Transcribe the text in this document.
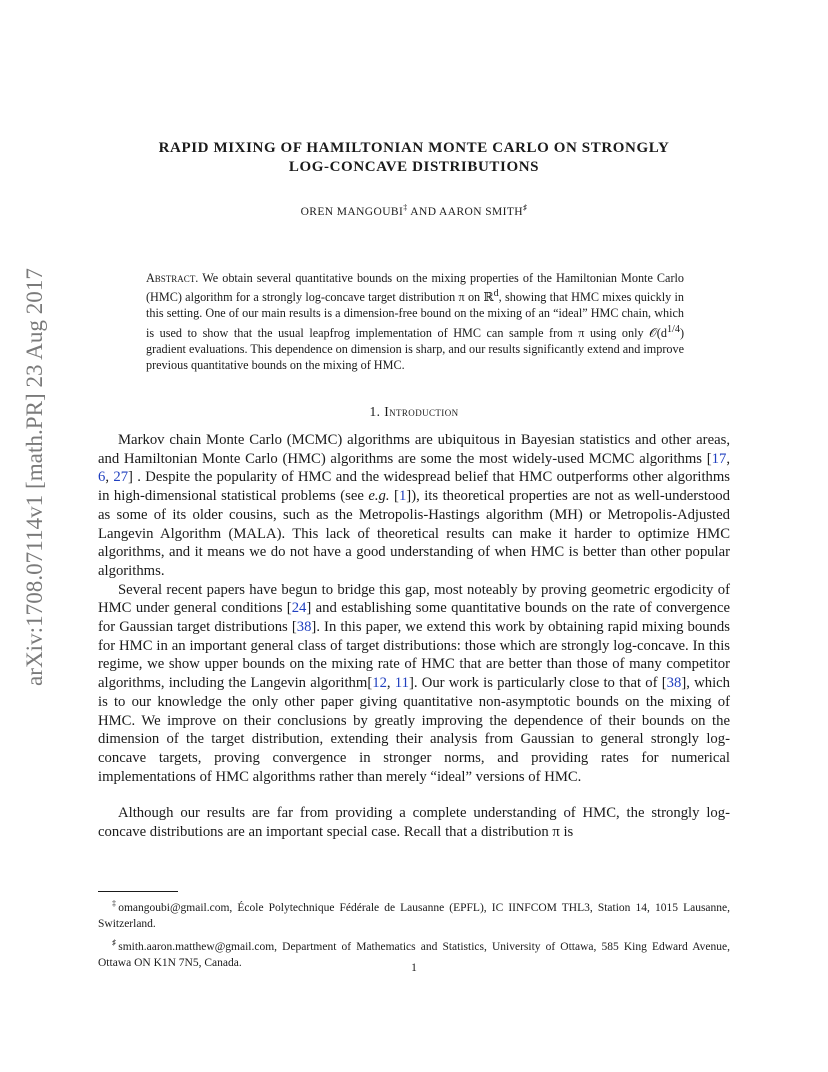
arXiv:1708.07114v1 [math.PR] 23 Aug 2017
RAPID MIXING OF HAMILTONIAN MONTE CARLO ON STRONGLY
LOG-CONCAVE DISTRIBUTIONS
OREN MANGOUBI‡ AND AARON SMITH♯
Abstract. We obtain several quantitative bounds on the mixing properties of the Hamiltonian Monte Carlo (HMC) algorithm for a strongly log-concave target distribution π on ℝ$^d$, showing that HMC mixes quickly in this setting. One of our main results is a dimension-free bound on the mixing of an “ideal” HMC chain, which is used to show that the usual leapfrog implementation of HMC can sample from π using only $𝒪(d^{1/4})$ gradient evaluations. This dependence on dimension is sharp, and our results significantly extend and improve previous quantitative bounds on the mixing of HMC.
1. Introduction

Markov chain Monte Carlo (MCMC) algorithms are ubiquitous in Bayesian statistics and other areas, and Hamiltonian Monte Carlo (HMC) algorithms are some the most widely-used MCMC algorithms [17, 6, 27] . Despite the popularity of HMC and the widespread belief that HMC outperforms other algorithms in high-dimensional statistical problems (see e.g. [1]), its theoretical properties are not as well-understood as some of its older cousins, such as the Metropolis-Hastings algorithm (MH) or Metropolis-Adjusted Langevin Algorithm (MALA). This lack of theoretical results can make it harder to optimize HMC algorithms, and it means we do not have a good understanding of when HMC is better than other popular algorithms.

Several recent papers have begun to bridge this gap, most noteably by proving geometric ergodicity of HMC under general conditions [24] and establishing some quantitative bounds on the rate of convergence for Gaussian target distributions [38]. In this paper, we extend this work by obtaining rapid mixing bounds for HMC in an important general class of target distributions: those which are strongly log-concave. In this regime, we show upper bounds on the mixing rate of HMC that are better than those of many competitor algorithms, including the Langevin algorithm[12, 11]. Our work is particularly close to that of [38], which is to our knowledge the only other paper giving quantitative non-asymptotic bounds on the mixing of HMC. We improve on their conclusions by greatly improving the dependence of their bounds on the dimension of the target distribution, extending their analysis from Gaussian to general strongly log-concave targets, proving convergence in stronger norms, and providing rates for numerical implementations of HMC algorithms rather than merely “ideal” versions of HMC.

Although our results are far from providing a complete understanding of HMC, the strongly log-concave distributions are an important special case. Recall that a distribution π is

‡omangoubi@gmail.com, École Polytechnique Fédérale de Lausanne (EPFL), IC IINFCOM THL3, Station 14, 1015 Lausanne, Switzerland.

♯smith.aaron.matthew@gmail.com, Department of Mathematics and Statistics, University of Ottawa, 585 King Edward Avenue, Ottawa ON K1N 7N5, Canada.	1
